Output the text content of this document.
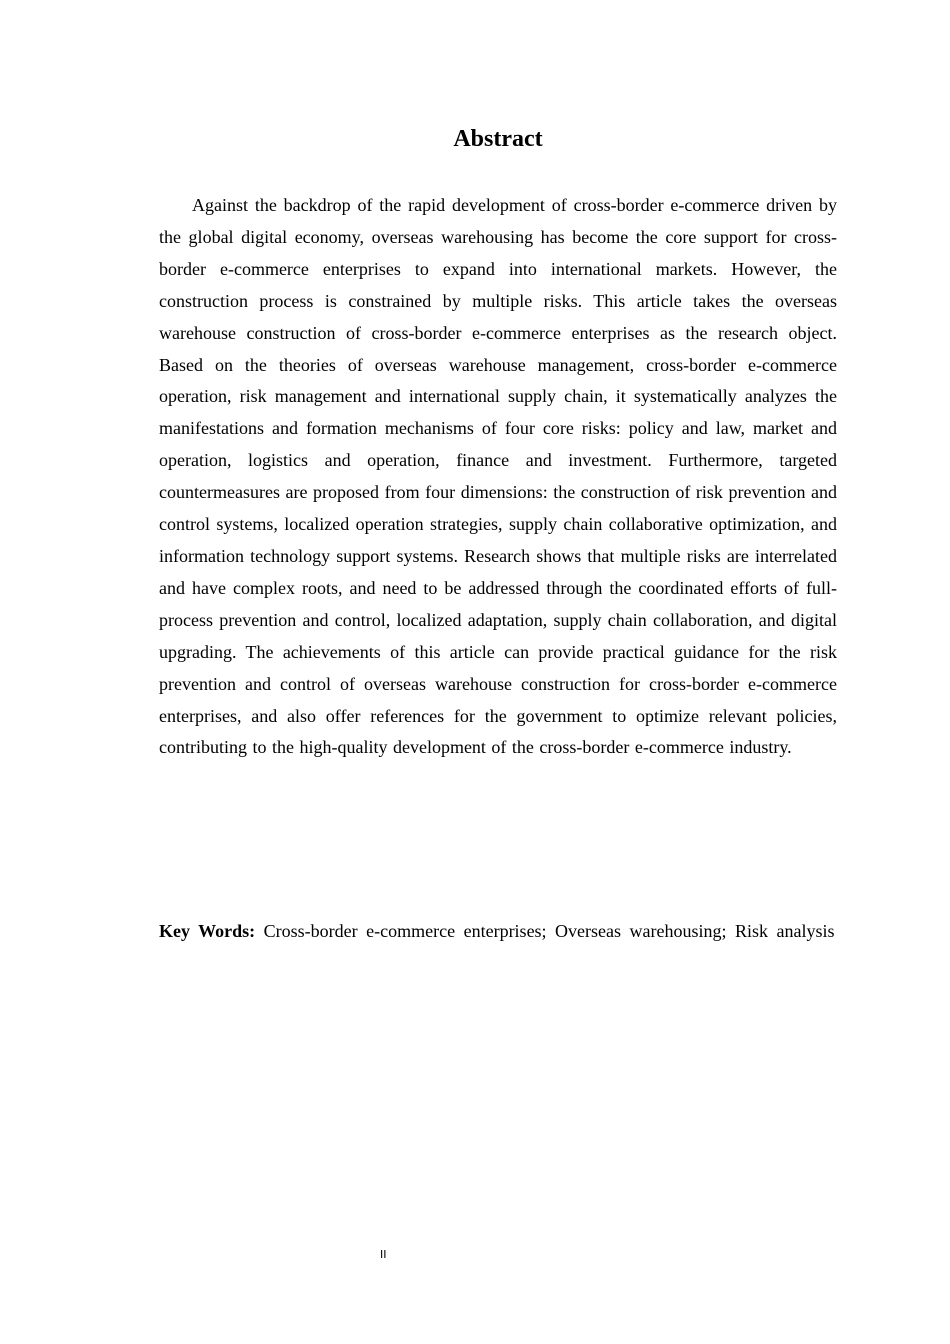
Abstract

Against the backdrop of the rapid development of cross-border e-commerce driven by the global digital economy, overseas warehousing has become the core support for cross-border e-commerce enterprises to expand into international markets. However, the construction process is constrained by multiple risks. This article takes the overseas warehouse construction of cross-border e-commerce enterprises as the research object. Based on the theories of overseas warehouse management, cross-border e-commerce operation, risk management and international supply chain, it systematically analyzes the manifestations and formation mechanisms of four core risks: policy and law, market and operation, logistics and operation, finance and investment. Furthermore, targeted countermeasures are proposed from four dimensions: the construction of risk prevention and control systems, localized operation strategies, supply chain collaborative optimization, and information technology support systems. Research shows that multiple risks are interrelated and have complex roots, and need to be addressed through the coordinated efforts of full-process prevention and control, localized adaptation, supply chain collaboration, and digital upgrading. The achievements of this article can provide practical guidance for the risk prevention and control of overseas warehouse construction for cross-border e-commerce enterprises, and also offer references for the government to optimize relevant policies, contributing to the high-quality development of the cross-border e-commerce industry.

Key Words: Cross-border e-commerce enterprises; Overseas warehousing; Risk analysis

II
